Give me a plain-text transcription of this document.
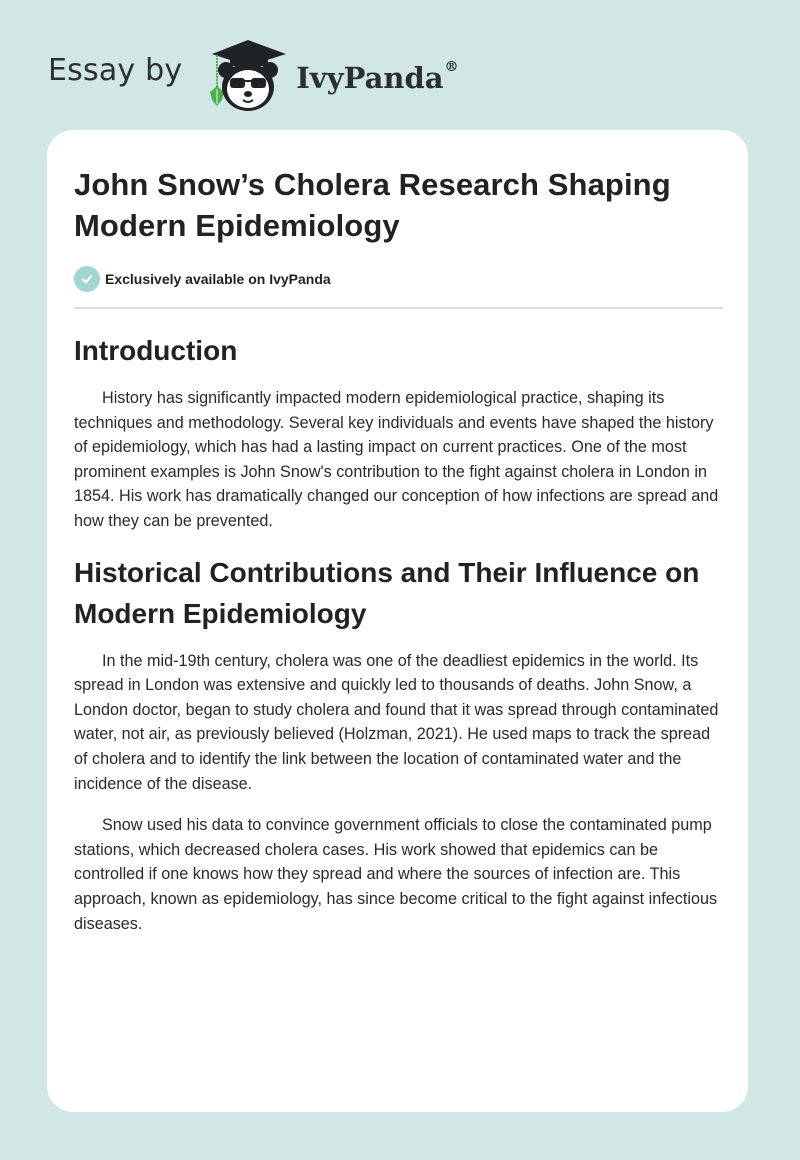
Essay by	IvyPanda®
John Snow’s Cholera Research Shaping Modern Epidemiology
Exclusively available on IvyPanda
Introduction

History has significantly impacted modern epidemiological practice, shaping its techniques and methodology. Several key individuals and events have shaped the history of epidemiology, which has had a lasting impact on current practices. One of the most prominent examples is John Snow's contribution to the fight against cholera in London in 1854. His work has dramatically changed our conception of how infections are spread and how they can be prevented.

Historical Contributions and Their Influence on Modern Epidemiology

In the mid-19th century, cholera was one of the deadliest epidemics in the world. Its spread in London was extensive and quickly led to thousands of deaths. John Snow, a London doctor, began to study cholera and found that it was spread through contaminated water, not air, as previously believed (Holzman, 2021). He used maps to track the spread of cholera and to identify the link between the location of contaminated water and the incidence of the disease.

Snow used his data to convince government officials to close the contaminated pump stations, which decreased cholera cases. His work showed that epidemics can be controlled if one knows how they spread and where the sources of infection are. This approach, known as epidemiology, has since become critical to the fight against infectious diseases.
